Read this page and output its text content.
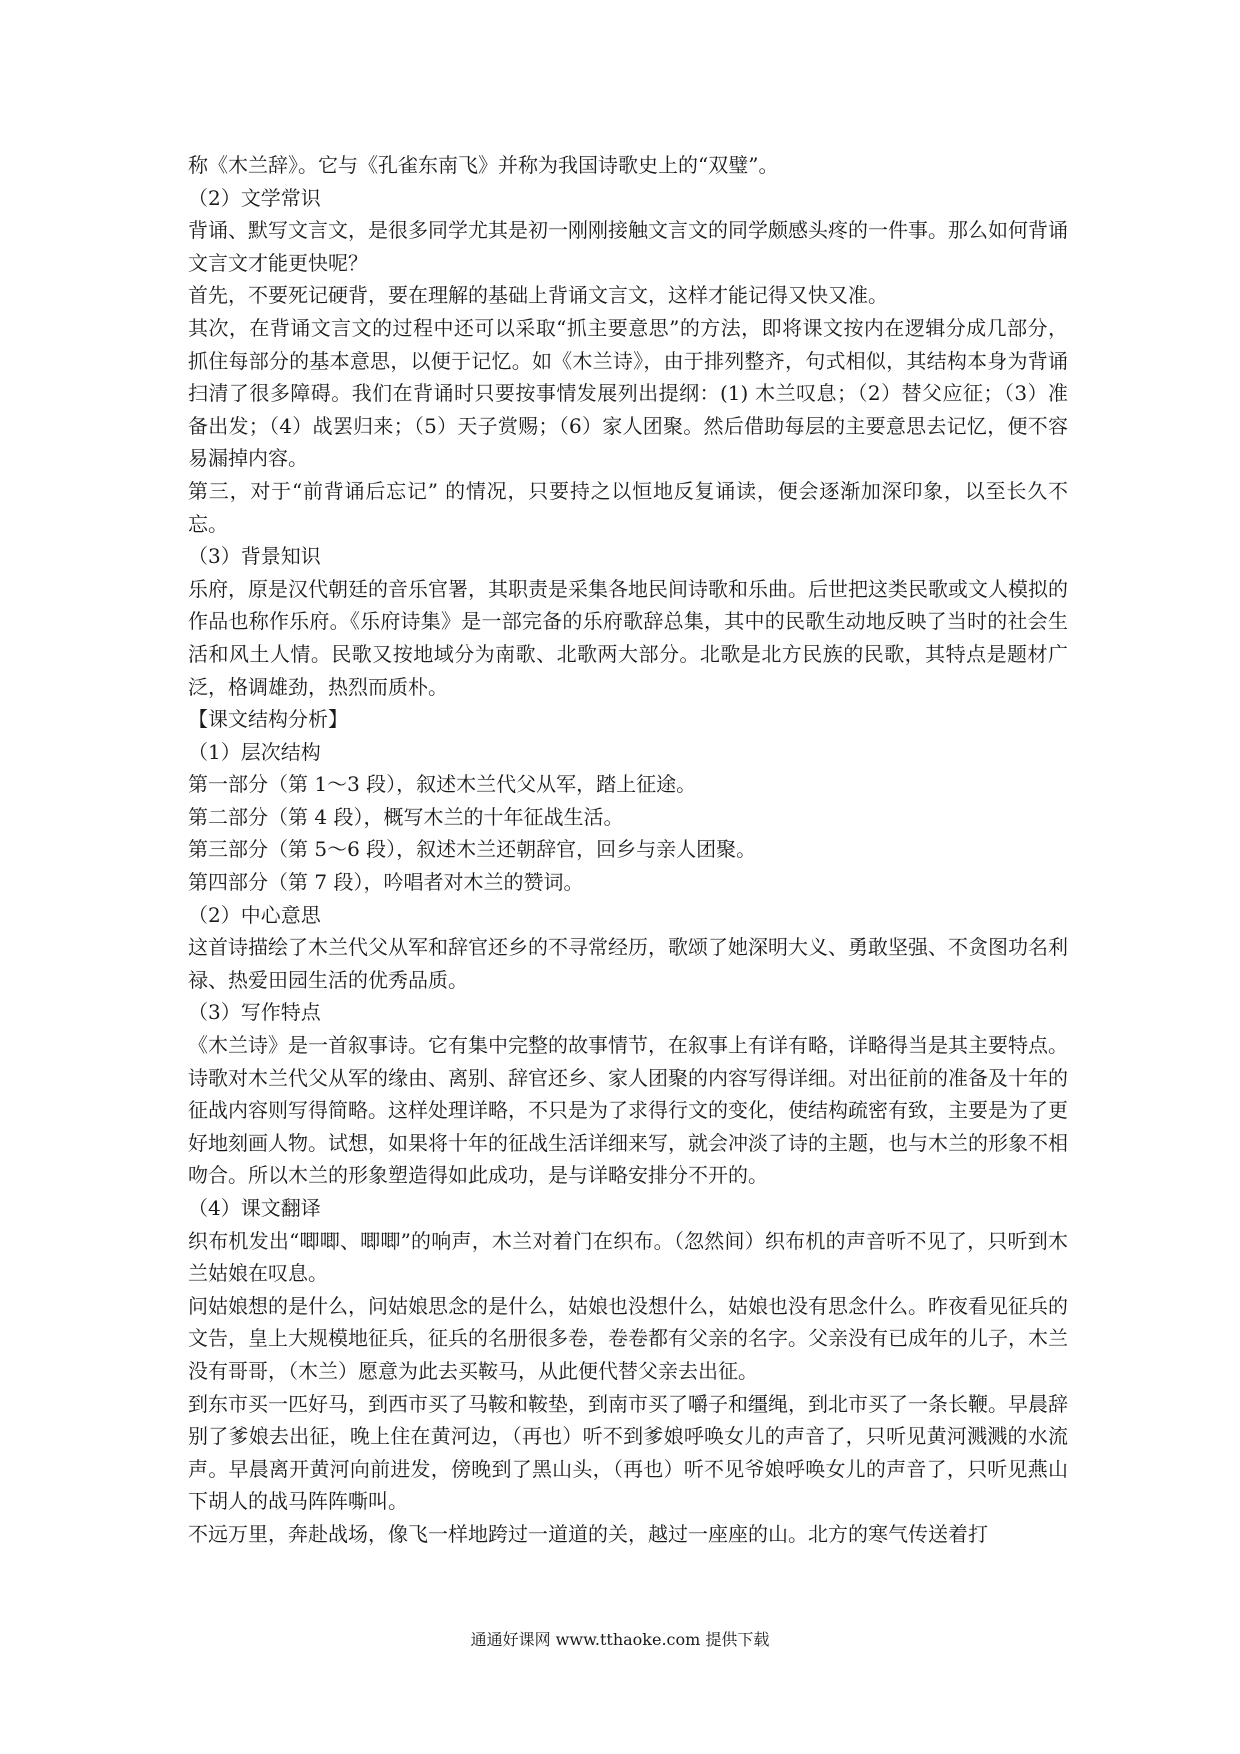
称《木兰辞》。它与《孔雀东南飞》并称为我国诗歌史上的“双璧”。

（2）文学常识

背诵、默写文言文，是很多同学尤其是初一刚刚接触文言文的同学颇感头疼的一件事。那么如何背诵文言文才能更快呢？

首先，不要死记硬背，要在理解的基础上背诵文言文，这样才能记得又快又准。

其次，在背诵文言文的过程中还可以采取“抓主要意思”的方法，即将课文按内在逻辑分成几部分，抓住每部分的基本意思，以便于记忆。如《木兰诗》，由于排列整齐，句式相似，其结构本身为背诵扫清了很多障碍。我们在背诵时只要按事情发展列出提纲：(1) 木兰叹息；（2）替父应征；（3）准备出发；（4）战罢归来；（5）天子赏赐；（6）家人团聚。然后借助每层的主要意思去记忆，便不容易漏掉内容。

第三，对于“前背诵后忘记” 的情况，只要持之以恒地反复诵读，便会逐渐加深印象，以至长久不忘。

（3）背景知识

乐府，原是汉代朝廷的音乐官署，其职责是采集各地民间诗歌和乐曲。后世把这类民歌或文人模拟的作品也称作乐府。《乐府诗集》是一部完备的乐府歌辞总集，其中的民歌生动地反映了当时的社会生活和风土人情。民歌又按地域分为南歌、北歌两大部分。北歌是北方民族的民歌，其特点是题材广泛，格调雄劲，热烈而质朴。

【课文结构分析】

（1）层次结构

第一部分（第 1～3 段），叙述木兰代父从军，踏上征途。

第二部分（第 4 段），概写木兰的十年征战生活。

第三部分（第 5～6 段），叙述木兰还朝辞官，回乡与亲人团聚。

第四部分（第 7 段），吟唱者对木兰的赞词。

（2）中心意思

这首诗描绘了木兰代父从军和辞官还乡的不寻常经历，歌颂了她深明大义、勇敢坚强、不贪图功名利禄、热爱田园生活的优秀品质。

（3）写作特点

《木兰诗》是一首叙事诗。它有集中完整的故事情节，在叙事上有详有略，详略得当是其主要特点。诗歌对木兰代父从军的缘由、离别、辞官还乡、家人团聚的内容写得详细。对出征前的准备及十年的征战内容则写得简略。这样处理详略，不只是为了求得行文的变化，使结构疏密有致，主要是为了更好地刻画人物。试想，如果将十年的征战生活详细来写，就会冲淡了诗的主题，也与木兰的形象不相吻合。所以木兰的形象塑造得如此成功，是与详略安排分不开的。

（4）课文翻译

织布机发出“唧唧、唧唧”的响声，木兰对着门在织布。（忽然间）织布机的声音听不见了，只听到木兰姑娘在叹息。

问姑娘想的是什么，问姑娘思念的是什么，姑娘也没想什么，姑娘也没有思念什么。昨夜看见征兵的文告，皇上大规模地征兵，征兵的名册很多卷，卷卷都有父亲的名字。父亲没有已成年的儿子，木兰没有哥哥，（木兰）愿意为此去买鞍马，从此便代替父亲去出征。

到东市买一匹好马，到西市买了马鞍和鞍垫，到南市买了嚼子和缰绳，到北市买了一条长鞭。早晨辞别了爹娘去出征，晚上住在黄河边，（再也）听不到爹娘呼唤女儿的声音了，只听见黄河溅溅的水流声。早晨离开黄河向前进发，傍晚到了黑山头，（再也）听不见爷娘呼唤女儿的声音了，只听见燕山下胡人的战马阵阵嘶叫。

不远万里，奔赴战场，像飞一样地跨过一道道的关，越过一座座的山。北方的寒气传送着打

通通好课网 www.tthaoke.com 提供下载
